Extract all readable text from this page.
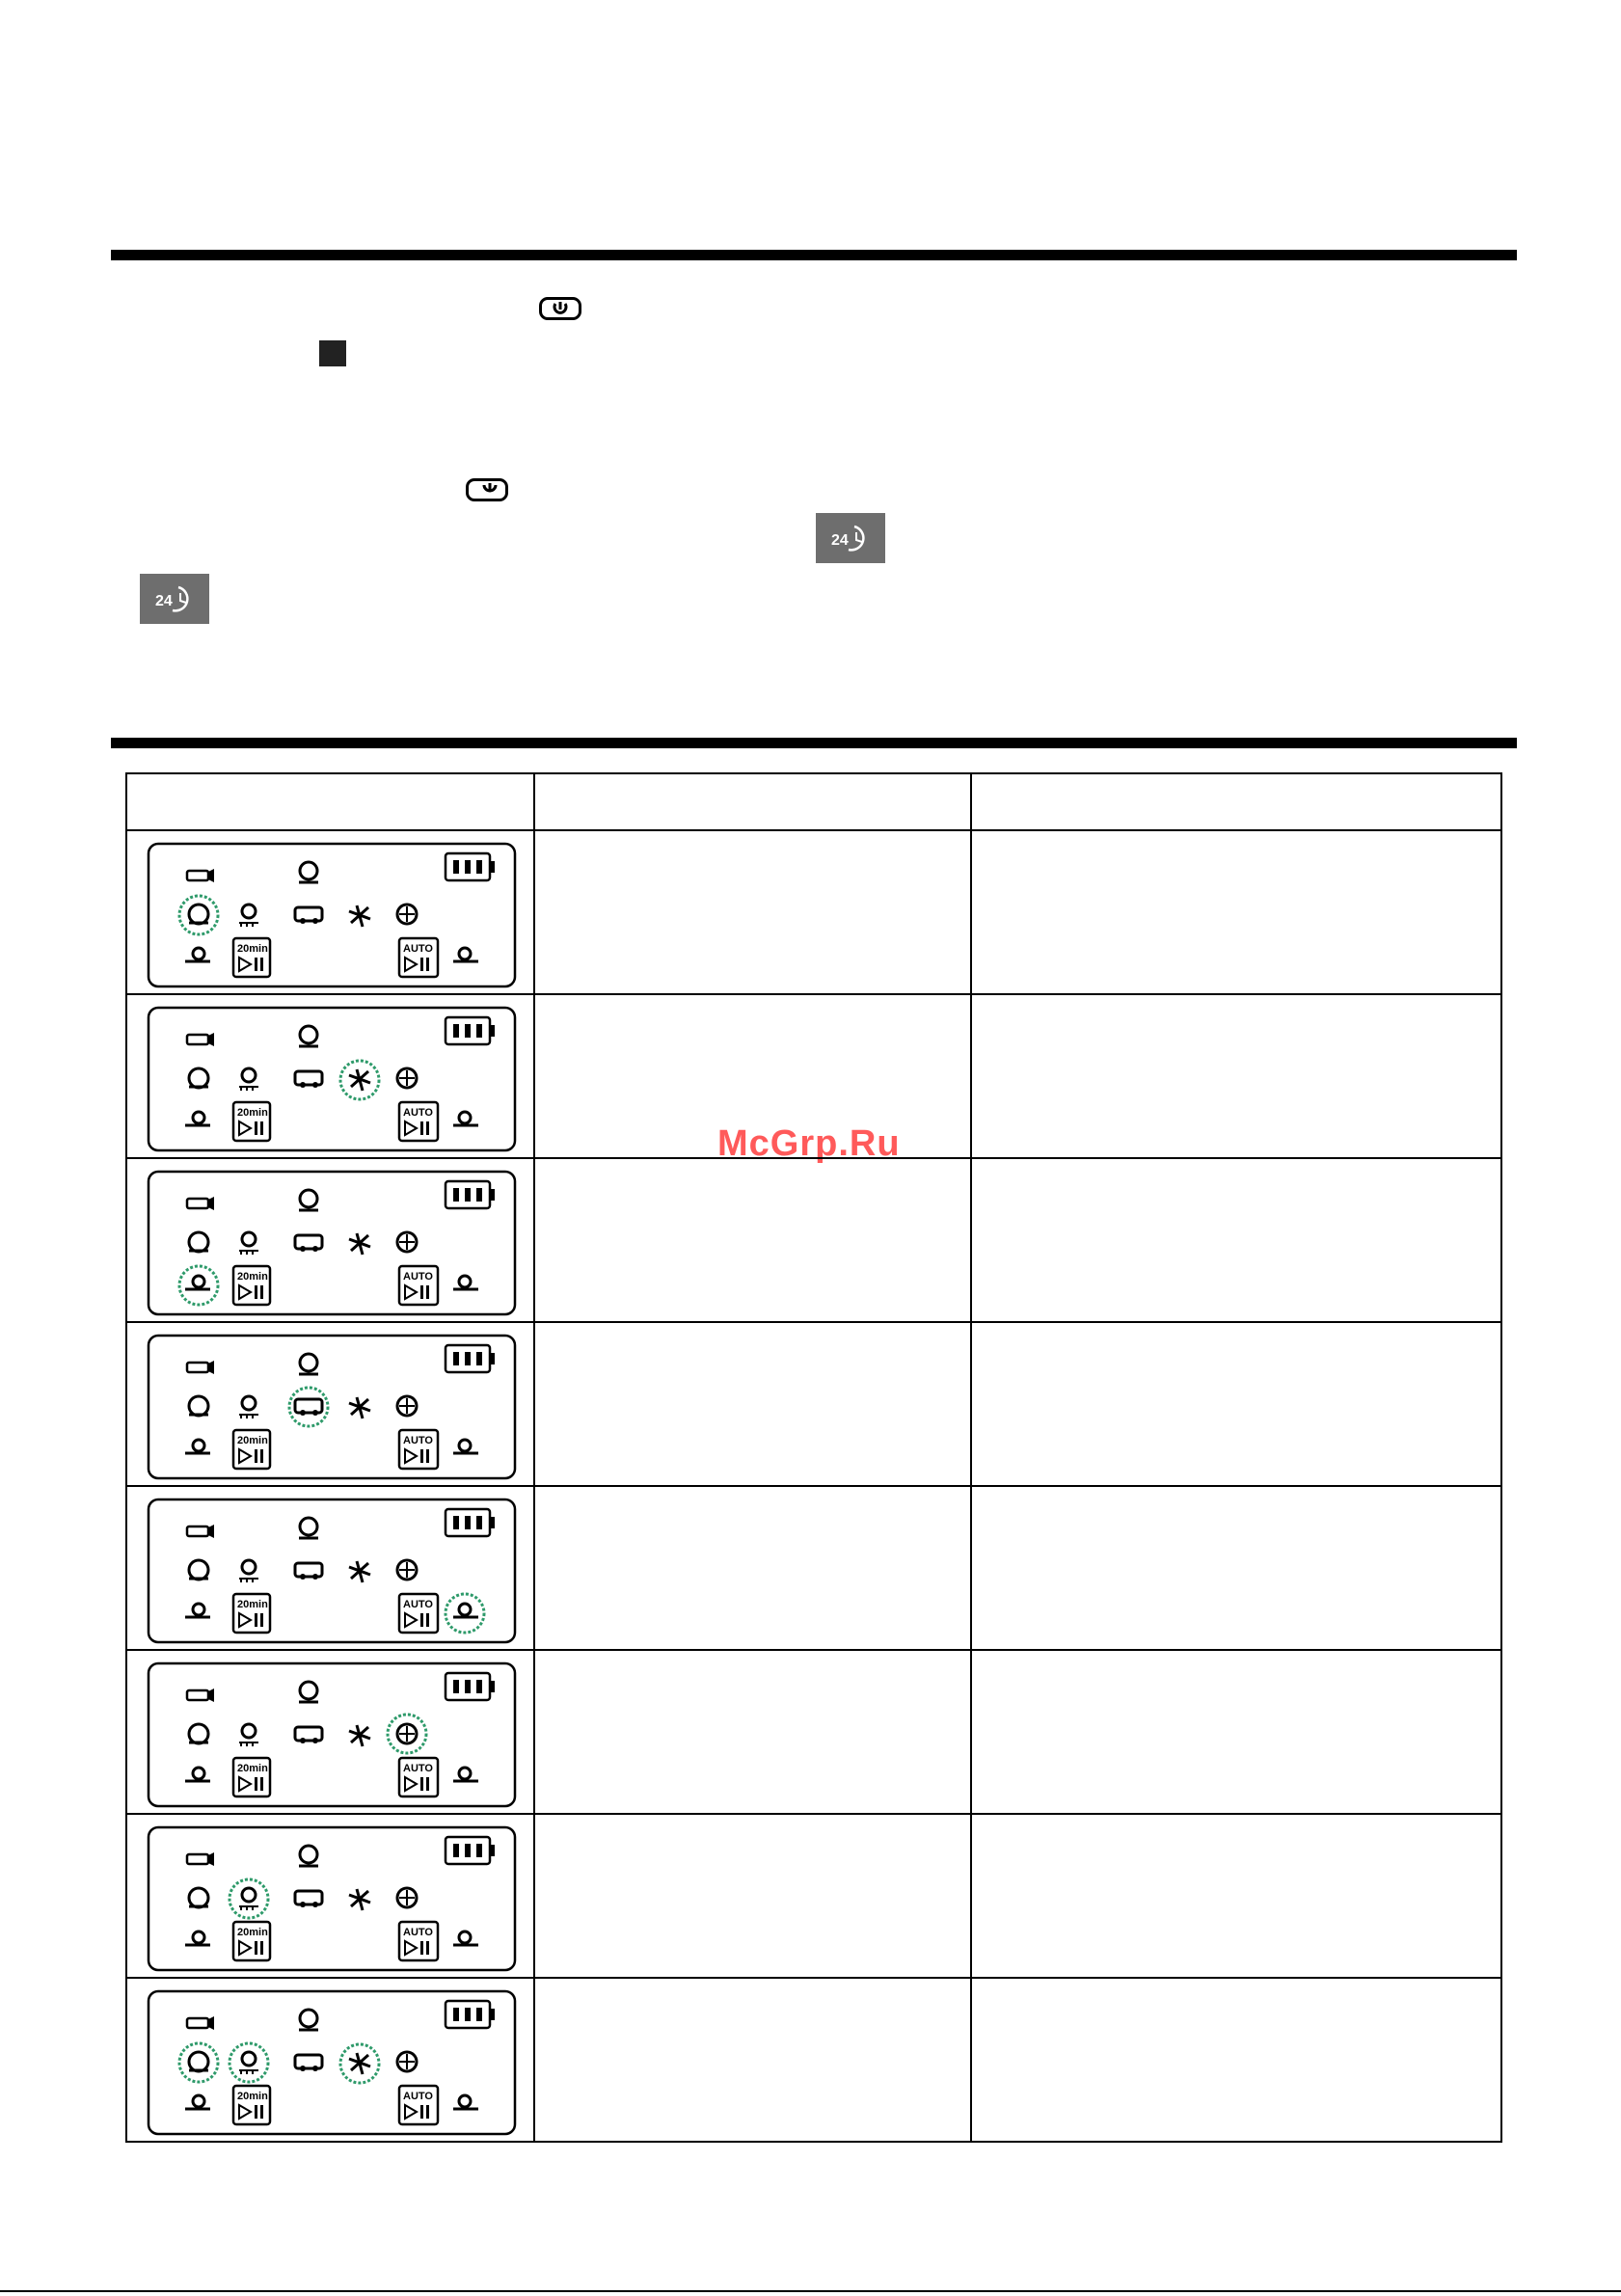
24
24
McGrp.Ru

20min AUTO		

20min AUTO		

20min AUTO		

20min AUTO		

20min AUTO		

20min AUTO		

20min AUTO		

20min AUTO		
